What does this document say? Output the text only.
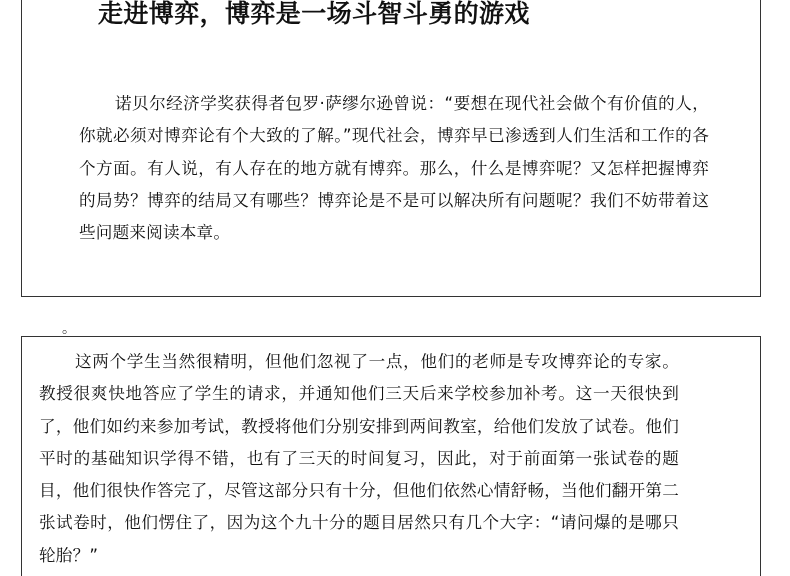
走进博弈，博弈是一场斗智斗勇的游戏

诺贝尔经济学奖获得者包罗·萨缪尔逊曾说：“要想在现代社会做个有价值的人，你就必须对博弈论有个大致的了解。”现代社会，博弈早已渗透到人们生活和工作的各个方面。有人说，有人存在的地方就有博弈。那么，什么是博弈呢？又怎样把握博弈的局势？博弈的结局又有哪些？博弈论是不是可以解决所有问题呢？我们不妨带着这些问题来阅读本章。

。

这两个学生当然很精明，但他们忽视了一点，他们的老师是专攻博弈论的专家。教授很爽快地答应了学生的请求，并通知他们三天后来学校参加补考。这一天很快到了，他们如约来参加考试，教授将他们分别安排到两间教室，给他们发放了试卷。他们平时的基础知识学得不错，也有了三天的时间复习，因此，对于前面第一张试卷的题目，他们很快作答完了，尽管这部分只有十分，但他们依然心情舒畅，当他们翻开第二张试卷时，他们愣住了，因为这个九十分的题目居然只有几个大字：“请问爆的是哪只轮胎？”
